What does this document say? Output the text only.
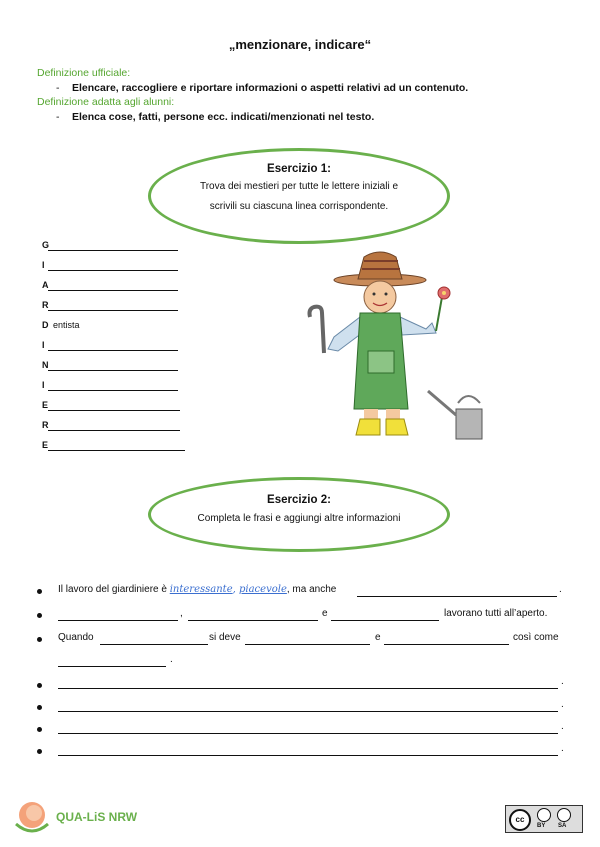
„menzionare, indicare“
Definizione ufficiale:
- Elencare, raccogliere e riportare informazioni o aspetti relativi ad un contenuto.
Definizione adatta agli alunni:
- Elenca cose, fatti, persone ecc. indicati/menzionati nel testo.
Esercizio 1:
Trova dei mestieri per tutte le lettere iniziali e
scrivili su ciascuna linea corrispondente.
G
I
A
R
D entista
I
N
I
E
R
E
Esercizio 2:
Completa le frasi e aggiungi altre informazioni
Il lavoro del giardiniere è interessante, piacevole, ma anche	.
,	e	lavorano tutti all’aperto.
Quando	si deve	e	così come
.
.
.
.
.
QUA-LiS NRW	cc
BY SA
